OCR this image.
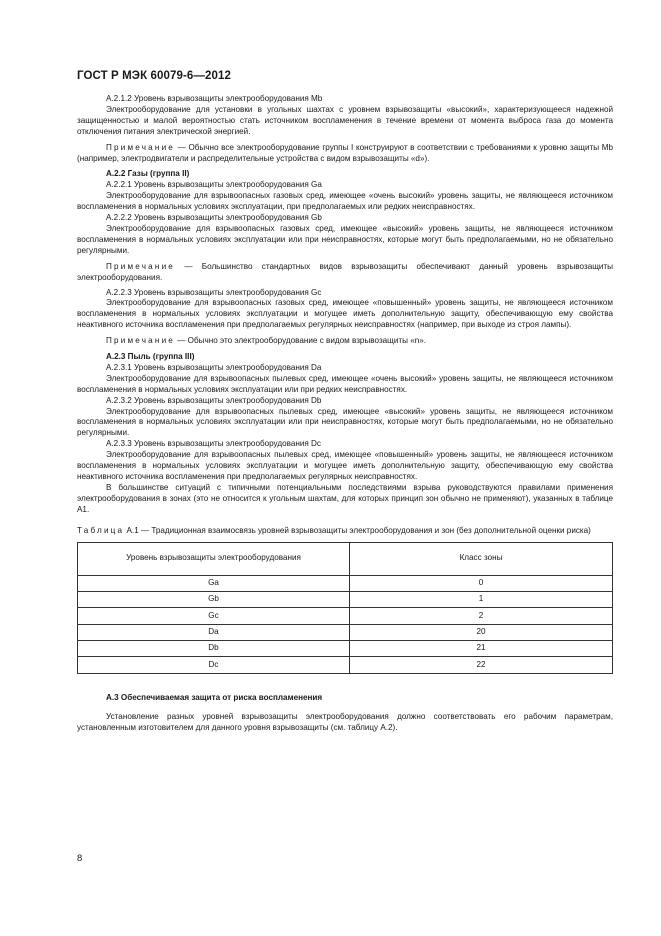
ГОСТ Р МЭК 60079-6—2012

А.2.1.2 Уровень взрывозащиты электрооборудования Mb

Электрооборудование для установки в угольных шахтах с уровнем взрывозащиты «высокий», характеризующееся надежной защищенностью и малой вероятностью стать источником воспламенения в течение времени от момента выброса газа до момента отключения питания электрической энергией.

Примечание — Обычно все электрооборудование группы I конструируют в соответствии с требованиями к уровню защиты Mb (например, электродвигатели и распределительные устройства с видом взрывозащиты «d»).

А.2.2 Газы (группа II)

А.2.2.1 Уровень взрывозащиты электрооборудования Ga

Электрооборудование для взрывоопасных газовых сред, имеющее «очень высокий» уровень защиты, не являющееся источником воспламенения в нормальных условиях эксплуатации, при предполагаемых или редких неисправностях.

А.2.2.2 Уровень взрывозащиты электрооборудования Gb

Электрооборудование для взрывоопасных газовых сред, имеющее «высокий» уровень защиты, не являющееся источником воспламенения в нормальных условиях эксплуатации или при неисправностях, которые могут быть предполагаемыми, но не обязательно регулярными.

Примечание — Большинство стандартных видов взрывозащиты обеспечивают данный уровень взрывозащиты электрооборудования.

А.2.2.3 Уровень взрывозащиты электрооборудования Gc

Электрооборудование для взрывоопасных газовых сред, имеющее «повышенный» уровень защиты, не являющееся источником воспламенения в нормальных условиях эксплуатации и могущее иметь дополнительную защиту, обеспечивающую ему свойства неактивного источника воспламенения при предполагаемых регулярных неисправностях (например, при выходе из строя лампы).

Примечание — Обычно это электрооборудование с видом взрывозащиты «n».

А.2.3 Пыль (группа III)

А.2.3.1 Уровень взрывозащиты электрооборудования Da

Электрооборудование для взрывоопасных пылевых сред, имеющее «очень высокий» уровень защиты, не являющееся источником воспламенения в нормальных условиях эксплуатации или при редких неисправностях.

А.2.3.2 Уровень взрывозащиты электрооборудования Db

Электрооборудование для взрывоопасных пылевых сред, имеющее «высокий» уровень защиты, не являющееся источником воспламенения в нормальных условиях эксплуатации или при неисправностях, которые могут быть предполагаемыми, но не обязательно регулярными.

А.2.3.3 Уровень взрывозащиты электрооборудования Dc

Электрооборудование для взрывоопасных пылевых сред, имеющее «повышенный» уровень защиты, не являющееся источником воспламенения в нормальных условиях эксплуатации и могущее иметь дополнительную защиту, обеспечивающую ему свойства неактивного источника воспламенения при предполагаемых регулярных неисправностях.

В большинстве ситуаций с типичными потенциальными последствиями взрыва руководствуются правилами применения электрооборудования в зонах (это не относится к угольным шахтам, для которых принцип зон обычно не применяют), указанных в таблице А1.

Таблица А.1 — Традиционная взаимосвязь уровней взрывозащиты электрооборудования и зон (без дополнительной оценки риска)

Уровень взрывозащиты электрооборудования	Класс зоны
Ga	0
Gb	1
Gc	2
Da	20
Db	21
Dc	22

А.3 Обеспечиваемая защита от риска воспламенения

Установление разных уровней взрывозащиты электрооборудования должно соответствовать его рабочим параметрам, установленным изготовителем для данного уровня взрывозащиты (см. таблицу А.2).

8
